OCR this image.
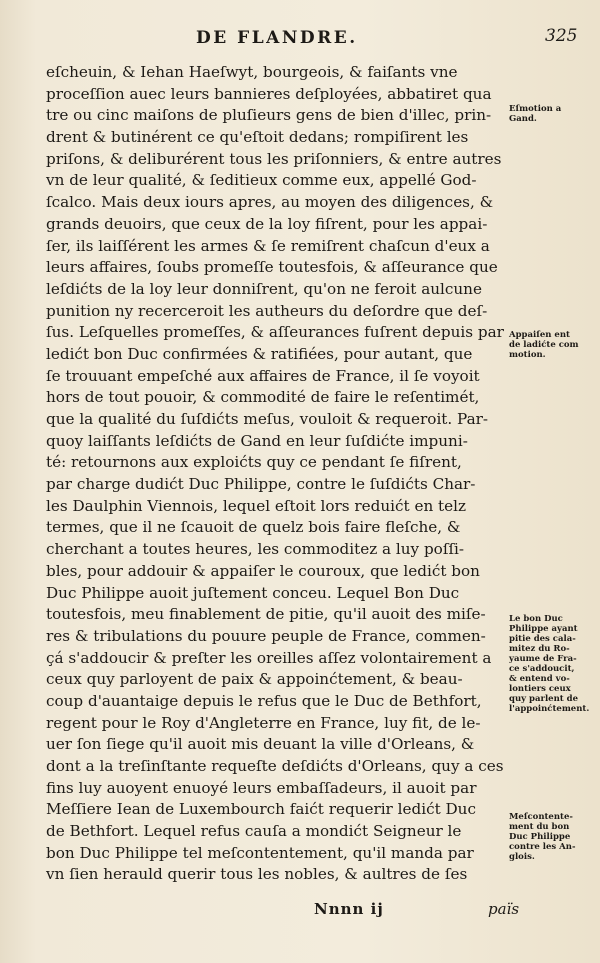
DE FLANDRE.	325
eſcheuin, & Iehan Haeſwyt, bourgeois, & faiſants vne
proceſſion auec leurs bannieres deſployées, abbatiret qua
tre ou cinc maiſons de pluſieurs gens de bien d'illec, prin-
drent & butinérent ce qu'eſtoit dedans; rompiſirent les
priſons, & deliburérent tous les priſonniers, & entre autres
vn de leur qualité, & ſeditieux comme eux, appellé God-
ſcalco. Mais deux iours apres, au moyen des diligences, &
grands deuoirs, que ceux de la loy fiſrent, pour les appai-
ſer, ils laiſſérent les armes & ſe remiſrent chaſcun d'eux a
leurs affaires, ſoubs promeſſe toutesfois, & aſſeurance que
leſdićts de la loy leur donniſrent, qu'on ne feroit aulcune
punition ny recerceroit les autheurs du deſordre que deſ-
ſus. Leſquelles promeſſes, & aſſeurances fuſrent depuis par
ledićt bon Duc confirmées & ratifiées, pour autant, que
ſe trouuant empeſché aux affaires de France, il ſe voyoit
hors de tout pouoir, & commodité de faire le reſentimét,
que la qualité du ſuſdićts meſus, vouloit & requeroit. Par-
quoy laiſſants leſdićts de Gand en leur ſuſdićte impuni-
té: retournons aux exploićts quy ce pendant ſe fiſrent,
par charge dudićt Duc Philippe, contre le ſuſdićts Char-
les Daulphin Viennois, lequel eſtoit lors reduićt en telz
termes, que il ne ſcauoit de quelz bois faire fleſche, &
cherchant a toutes heures, les commoditez a luy poſſi-
bles, pour addouir & appaiſer le couroux, que ledićt bon
Duc Philippe auoit juſtement conceu. Lequel Bon Duc
toutesfois, meu finablement de pitie, qu'il auoit des miſe-
res & tribulations du pouure peuple de France, commen-
çá s'addoucir & preſter les oreilles aſſez volontairement a
ceux quy parloyent de paix & appoinćtement, & beau-
coup d'auantaige depuis le refus que le Duc de Bethfort,
regent pour le Roy d'Angleterre en France, luy fit, de le-
uer ſon ſiege qu'il auoit mis deuant la ville d'Orleans, &
dont a la treſinſtante requeſte deſdićts d'Orleans, quy a ces
fins luy auoyent enuoyé leurs embaſſadeurs, il auoit par
Meſſiere Iean de Luxembourch faićt requerir ledićt Duc
de Bethfort. Lequel refus cauſa a mondićt Seigneur le
bon Duc Philippe tel meſcontentement, qu'il manda par
vn ſien herauld querir tous les nobles, & aultres de ſes
Eſmotion a
Gand.
Appaiſen ent
de ladićte com
motion.
Le bon Duc
Philippe ayant
pitie des cala-
mitez du Ro-
yaume de Fra-
ce s'addoucit,
& entend vo-
lontiers ceux
quy parlent de
l'appoinćtement.
Meſcontente-
ment du bon
Duc Philippe
contre les An-
glois.
Nnnn ij	païs
